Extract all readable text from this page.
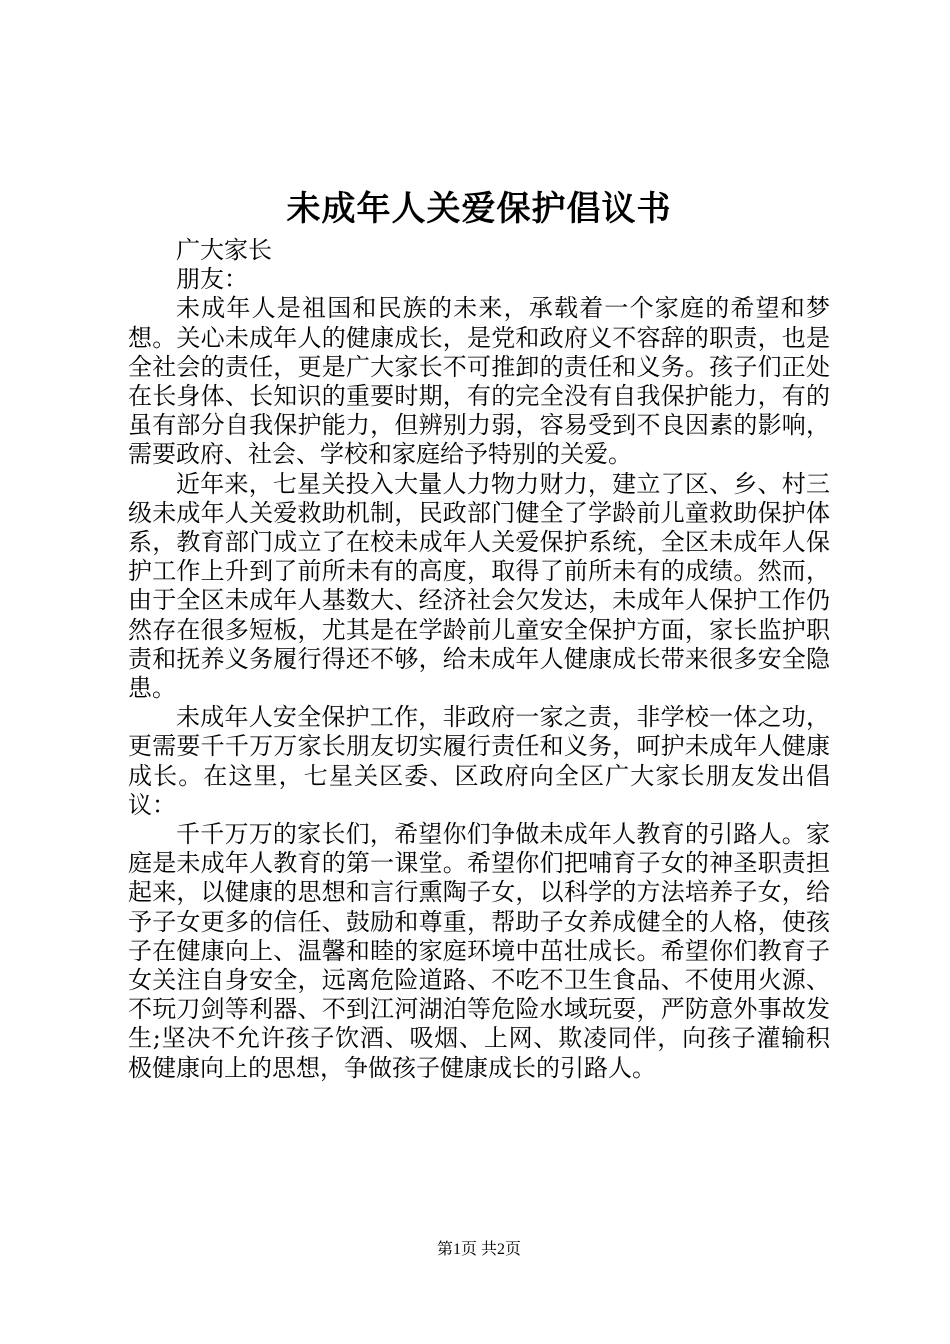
未成年人关爱保护倡议书

广大家长

朋友：

未成年人是祖国和民族的未来，承载着一个家庭的希望和梦想。关心未成年人的健康成长，是党和政府义不容辞的职责，也是全社会的责任，更是广大家长不可推卸的责任和义务。孩子们正处在长身体、长知识的重要时期，有的完全没有自我保护能力，有的虽有部分自我保护能力，但辨别力弱，容易受到不良因素的影响，需要政府、社会、学校和家庭给予特别的关爱。

近年来，七星关投入大量人力物力财力，建立了区、乡、村三级未成年人关爱救助机制，民政部门健全了学龄前儿童救助保护体系，教育部门成立了在校未成年人关爱保护系统，全区未成年人保护工作上升到了前所未有的高度，取得了前所未有的成绩。然而，由于全区未成年人基数大、经济社会欠发达，未成年人保护工作仍然存在很多短板，尤其是在学龄前儿童安全保护方面，家长监护职责和抚养义务履行得还不够，给未成年人健康成长带来很多安全隐患。

未成年人安全保护工作，非政府一家之责，非学校一体之功，更需要千千万万家长朋友切实履行责任和义务，呵护未成年人健康成长。在这里，七星关区委、区政府向全区广大家长朋友发出倡议：

千千万万的家长们，希望你们争做未成年人教育的引路人。家庭是未成年人教育的第一课堂。希望你们把哺育子女的神圣职责担起来，以健康的思想和言行熏陶子女，以科学的方法培养子女，给予子女更多的信任、鼓励和尊重，帮助子女养成健全的人格，使孩子在健康向上、温馨和睦的家庭环境中茁壮成长。希望你们教育子女关注自身安全，远离危险道路、不吃不卫生食品、不使用火源、不玩刀剑等利器、不到江河湖泊等危险水域玩耍，严防意外事故发生;坚决不允许孩子饮酒、吸烟、上网、欺凌同伴，向孩子灌输积极健康向上的思想，争做孩子健康成长的引路人。

第1页 共2页
